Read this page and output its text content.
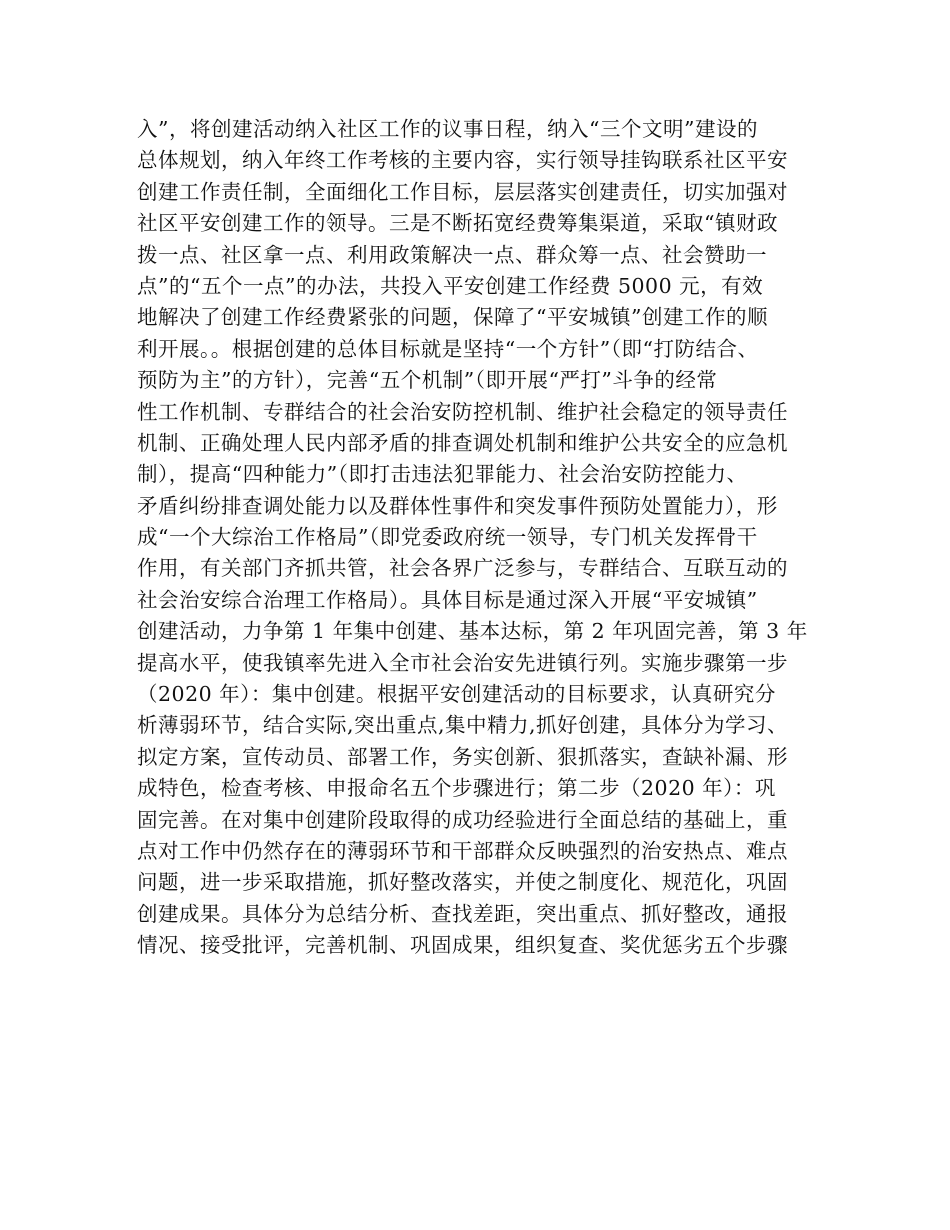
入”，将创建活动纳入社区工作的议事日程，纳入“三个文明”建设的
总体规划，纳入年终工作考核的主要内容，实行领导挂钩联系社区平安
创建工作责任制，全面细化工作目标，层层落实创建责任，切实加强对
社区平安创建工作的领导。三是不断拓宽经费筹集渠道，采取“镇财政
拨一点、社区拿一点、利用政策解决一点、群众筹一点、社会赞助一
点”的“五个一点”的办法，共投入平安创建工作经费 5000 元，有效
地解决了创建工作经费紧张的问题，保障了“平安城镇”创建工作的顺
利开展。。根据创建的总体目标就是坚持“一个方针”（即“打防结合、
预防为主”的方针），完善“五个机制”（即开展“严打”斗争的经常
性工作机制、专群结合的社会治安防控机制、维护社会稳定的领导责任
机制、正确处理人民内部矛盾的排查调处机制和维护公共安全的应急机
制），提高“四种能力”（即打击违法犯罪能力、社会治安防控能力、
矛盾纠纷排查调处能力以及群体性事件和突发事件预防处置能力），形
成“一个大综治工作格局”（即党委政府统一领导，专门机关发挥骨干
作用，有关部门齐抓共管，社会各界广泛参与，专群结合、互联互动的
社会治安综合治理工作格局）。具体目标是通过深入开展“平安城镇”
创建活动，力争第 1 年集中创建、基本达标，第 2 年巩固完善，第 3 年
提高水平，使我镇率先进入全市社会治安先进镇行列。实施步骤第一步
（2020 年）：集中创建。根据平安创建活动的目标要求，认真研究分
析薄弱环节，结合实际,突出重点,集中精力,抓好创建，具体分为学习、
拟定方案，宣传动员、部署工作，务实创新、狠抓落实，查缺补漏、形
成特色，检查考核、申报命名五个步骤进行；第二步（2020 年）：巩
固完善。在对集中创建阶段取得的成功经验进行全面总结的基础上，重
点对工作中仍然存在的薄弱环节和干部群众反映强烈的治安热点、难点
问题，进一步采取措施，抓好整改落实，并使之制度化、规范化，巩固
创建成果。具体分为总结分析、查找差距，突出重点、抓好整改，通报
情况、接受批评，完善机制、巩固成果，组织复查、奖优惩劣五个步骤
